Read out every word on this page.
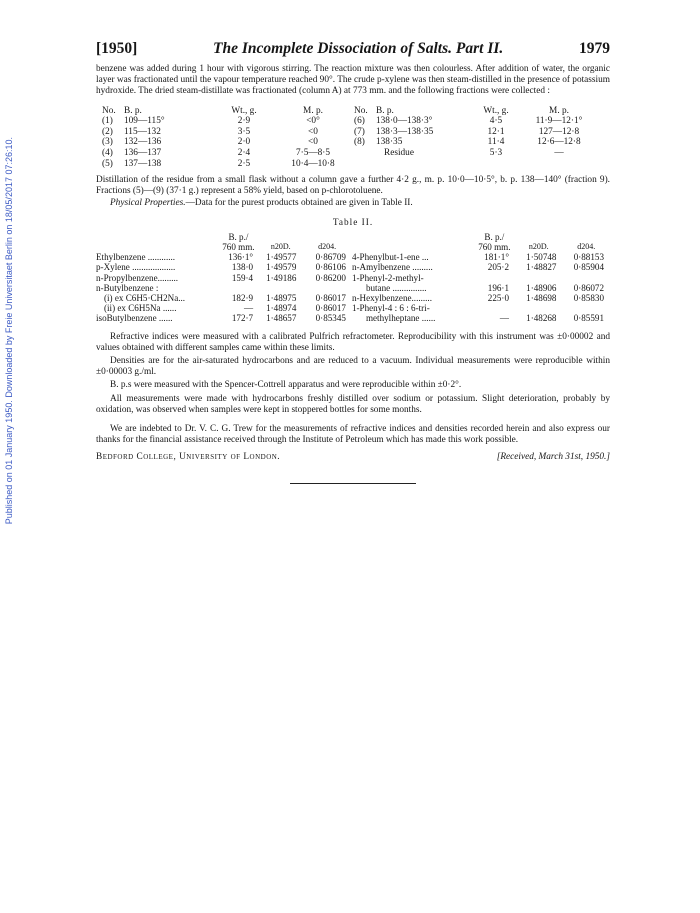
Published on 01 January 1950. Downloaded by Freie Universitaet Berlin on 18/05/2017 07:26:10.
[1950]	The Incomplete Dissociation of Salts. Part II.	1979

benzene was added during 1 hour with vigorous stirring. The reaction mixture was then colourless. After addition of water, the organic layer was fractionated until the vapour temperature reached 90°. The crude p-xylene was then steam-distilled in the presence of potassium hydroxide. The dried steam-distillate was fractionated (column A) at 773 mm. and the following fractions were collected :

No.	B. p.	Wt., g.	M. p.	No.	B. p.	Wt., g.	M. p.
(1)	109—115°	2·9	<0°	(6)	138·0—138·3°	4·5	11·9—12·1°
(2)	115—132	3·5	<0	(7)	138·3—138·35	12·1	127—12·8
(3)	132—136	2·0	<0	(8)	138·35	11·4	12·6—12·8
(4)	136—137	2·4	7·5—8·5		Residue	5·3	—
(5)	137—138	2·5	10·4—10·8				

Distillation of the residue from a small flask without a column gave a further 4·2 g., m. p. 10·0—10·5°, b. p. 138—140° (fraction 9). Fractions (5)—(9) (37·1 g.) represent a 58% yield, based on p-chlorotoluene.

Physical Properties.—Data for the purest products obtained are given in Table II.

Table II.
	B. p./				B. p./		
	760 mm.	n20D.	d204.		760 mm.	n20D.	d204.
Ethylbenzene ............	136·1°	1·49577	0·86709	4-Phenylbut-1-ene ...	181·1°	1·50748	0·88153
p-Xylene ...................	138·0	1·49579	0·86106	n-Amylbenzene .........	205·2	1·48827	0·85904
n-Propylbenzene.........	159·4	1·49186	0·86200	1-Phenyl-2-methyl-			
n-Butylbenzene :				butane ...............	196·1	1·48906	0·86072
(i) ex C6H5·CH2Na...	182·9	1·48975	0·86017	n-Hexylbenzene.........	225·0	1·48698	0·85830
(ii) ex C6H5Na ......	—	1·48974	0·86017	1-Phenyl-4 : 6 : 6-tri-			
isoButylbenzene ......	172·7	1·48657	0·85345	methylheptane ......	—	1·48268	0·85591

Refractive indices were measured with a calibrated Pulfrich refractometer. Reproducibility with this instrument was ±0·00002 and values obtained with different samples came within these limits.

Densities are for the air-saturated hydrocarbons and are reduced to a vacuum. Individual measurements were reproducible within ±0·00003 g./ml.

B. p.s were measured with the Spencer-Cottrell apparatus and were reproducible within ±0·2°.

All measurements were made with hydrocarbons freshly distilled over sodium or potassium. Slight deterioration, probably by oxidation, was observed when samples were kept in stoppered bottles for some months.

We are indebted to Dr. V. C. G. Trew for the measurements of refractive indices and densities recorded herein and also express our thanks for the financial assistance received through the Institute of Petroleum which has made this work possible.

Bedford College, University of London.	[Received, March 31st, 1950.]
